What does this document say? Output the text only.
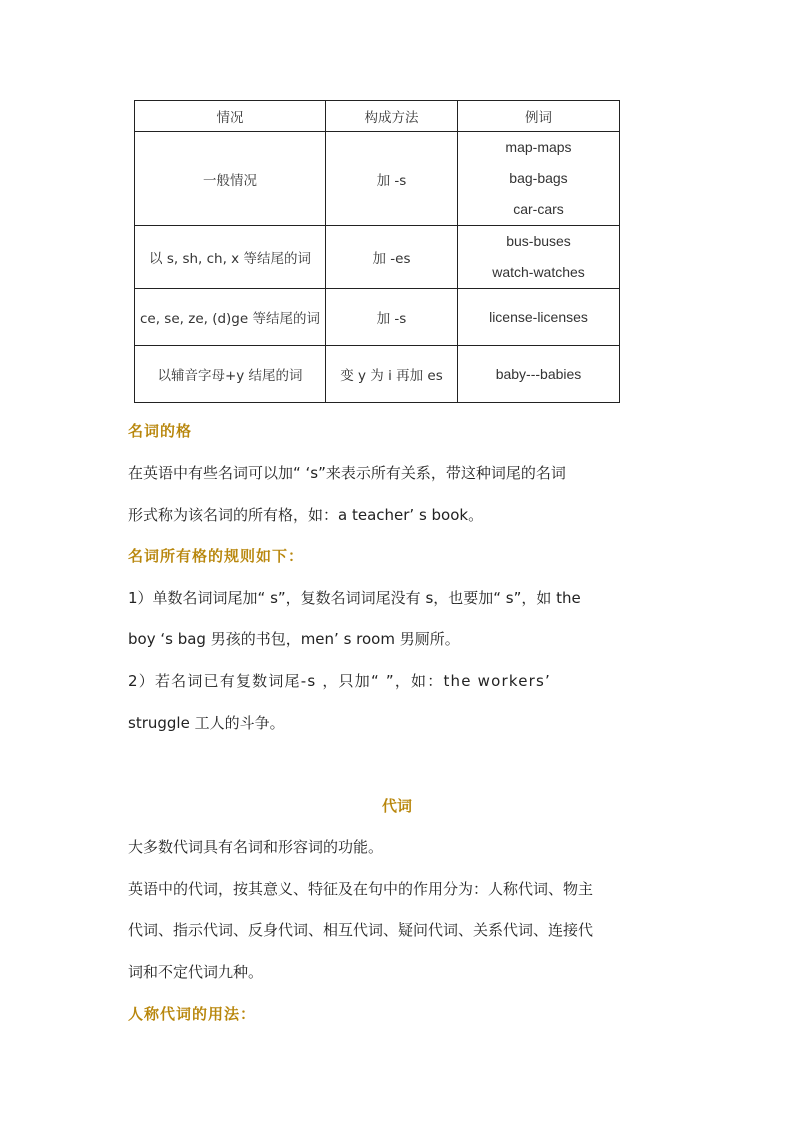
情况	构成方法	例词
一般情况	加 -s	map-maps
bag-bags
car-cars

以 s, sh, ch, x 等结尾的词	加 -es	bus-buses
watch-watches

ce, se, ze, (d)ge 等结尾的词	加 -s	license-licenses

以辅音字母+y 结尾的词	变 y 为 i 再加 es	baby---babies
名词的格

在英语中有些名词可以加“ ‘s”来表示所有关系，带这种词尾的名词

形式称为该名词的所有格，如：a teacher’ s book。

名词所有格的规则如下：

1）单数名词词尾加“ s”，复数名词词尾没有 s，也要加“ s”，如 the

boy ‘s bag 男孩的书包，men’ s room 男厕所。

2）若名词已有复数词尾-s ，只加“ ”，如：the workers’

struggle 工人的斗争。

代词

大多数代词具有名词和形容词的功能。

英语中的代词，按其意义、特征及在句中的作用分为：人称代词、物主

代词、指示代词、反身代词、相互代词、疑问代词、关系代词、连接代

词和不定代词九种。

人称代词的用法：
